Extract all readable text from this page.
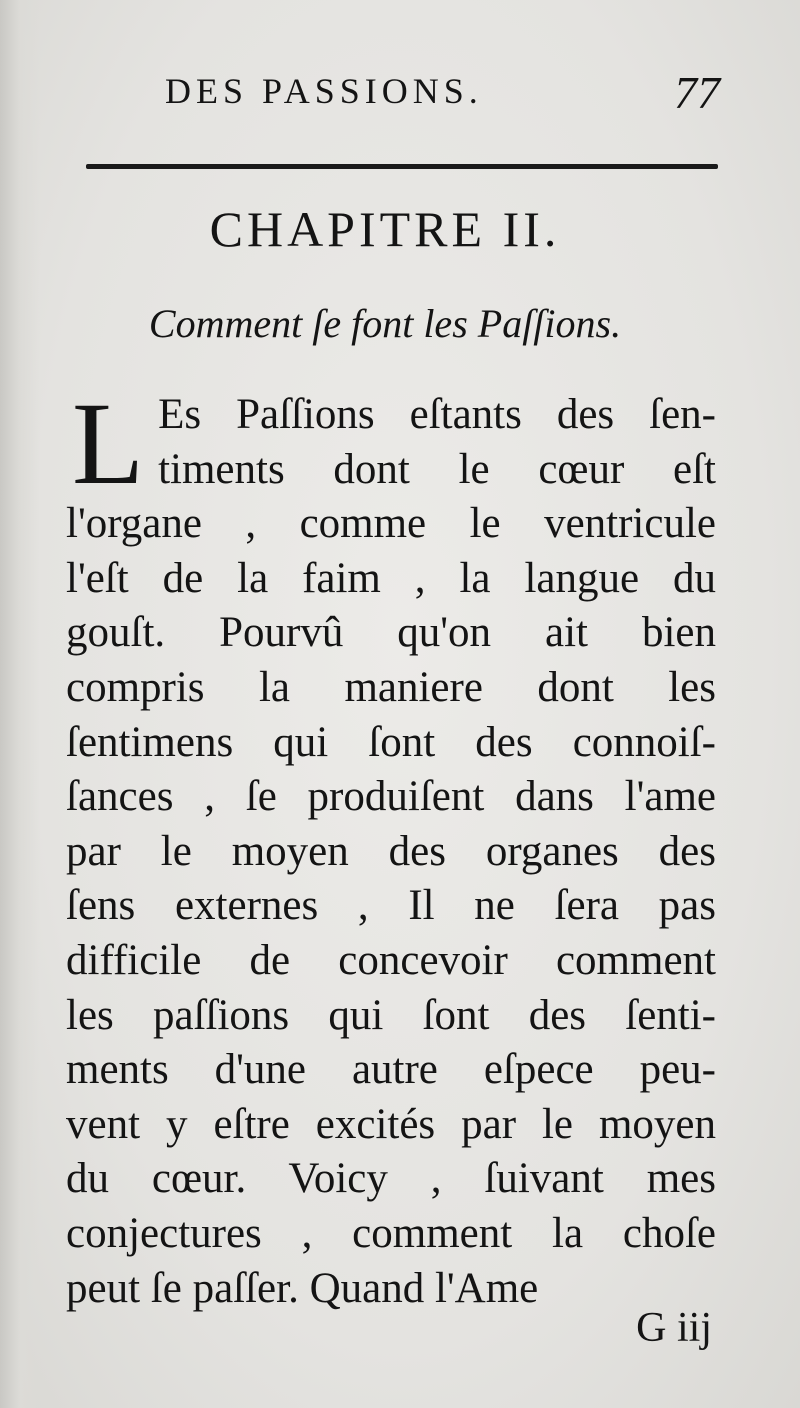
DES PASSIONS.	77
CHAPITRE II.
Comment ſe font les Paſſions.
L Es Paſſions eſtants des ſen-
timents dont le cœur eſt
l'organe , comme le ventricule
l'eſt de la faim , la langue du
gouſt. Pourvû qu'on ait bien
compris la maniere dont les
ſentimens qui ſont des connoiſ-
ſances , ſe produiſent dans l'ame
par le moyen des organes des
ſens externes , Il ne ſera pas
difficile de concevoir comment
les paſſions qui ſont des ſenti-
ments d'une autre eſpece peu-
vent y eſtre excités par le moyen
du cœur. Voicy , ſuivant mes
conjectures , comment la choſe
peut ſe paſſer. Quand l'Ame
G iij
